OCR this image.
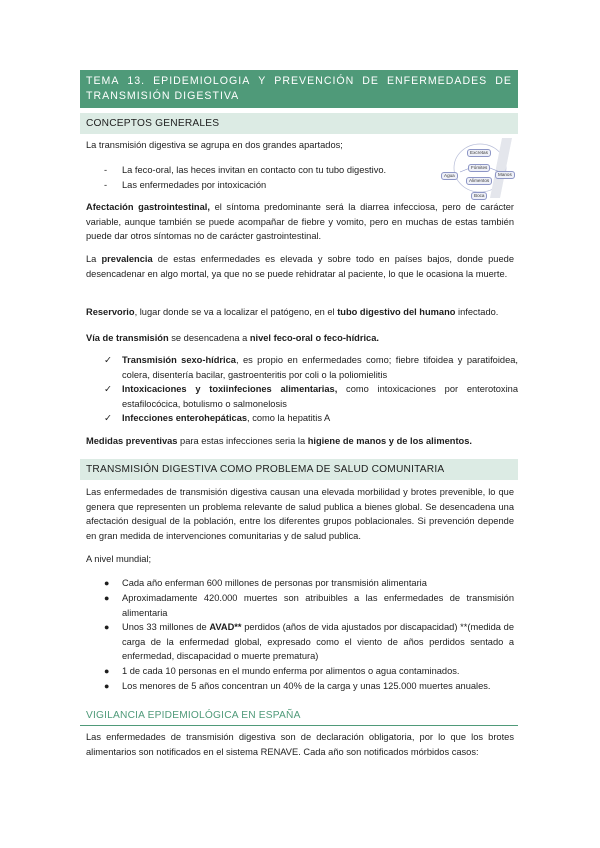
TEMA 13. EPIDEMIOLOGIA Y PREVENCIÓN DE ENFERMEDADES DE
TRANSMISIÓN DIGESTIVA
CONCEPTOS GENERALES
La transmisión digestiva se agrupa en dos grandes apartados;
- La feco-oral, las heces invitan en contacto con tu tubo digestivo.
- Las enfermedades por intoxicación
Excretas
Fómites
Alimentos
Agua	Manos
Boca
Afectación gastrointestinal, el síntoma predominante será la diarrea infecciosa, pero de carácter variable, aunque también se puede acompañar de fiebre y vomito, pero en muchas de estas también puede dar otros síntomas no de carácter gastrointestinal.
La prevalencia de estas enfermedades es elevada y sobre todo en países bajos, donde puede desencadenar en algo mortal, ya que no se puede rehidratar al paciente, lo que le ocasiona la muerte.
Reservorio, lugar donde se va a localizar el patógeno, en el tubo digestivo del humano infectado.
Vía de transmisión se desencadena a nivel feco-oral o feco-hídrica.
✓ Transmisión sexo-hídrica, es propio en enfermedades como; fiebre tifoidea y paratifoidea, colera, disentería bacilar, gastroenteritis por coli o la poliomielitis
✓ Intoxicaciones y toxiinfeciones alimentarias, como intoxicaciones por enterotoxina estafilocócica, botulismo o salmonelosis
✓ Infecciones enterohepáticas, como la hepatitis A
Medidas preventivas para estas infecciones seria la higiene de manos y de los alimentos.
TRANSMISIÓN DIGESTIVA COMO PROBLEMA DE SALUD COMUNITARIA
Las enfermedades de transmisión digestiva causan una elevada morbilidad y brotes prevenible, lo que genera que representen un problema relevante de salud publica a bienes global. Se desencadena una afectación desigual de la población, entre los diferentes grupos poblacionales. Si prevención depende en gran medida de intervenciones comunitarias y de salud publica.
A nivel mundial;
● Cada año enferman 600 millones de personas por transmisión alimentaria
● Aproximadamente 420.000 muertes son atribuibles a las enfermedades de transmisión alimentaria
● Unos 33 millones de AVAD** perdidos (años de vida ajustados por discapacidad) **(medida de carga de la enfermedad global, expresado como el viento de años perdidos sentado a enfermedad, discapacidad o muerte prematura)
● 1 de cada 10 personas en el mundo enferma por alimentos o agua contaminados.
● Los menores de 5 años concentran un 40% de la carga y unas 125.000 muertes anuales.
VIGILANCIA EPIDEMIOLÓGICA EN ESPAÑA
Las enfermedades de transmisión digestiva son de declaración obligatoria, por lo que los brotes alimentarios son notificados en el sistema RENAVE. Cada año son notificados mórbidos casos:
